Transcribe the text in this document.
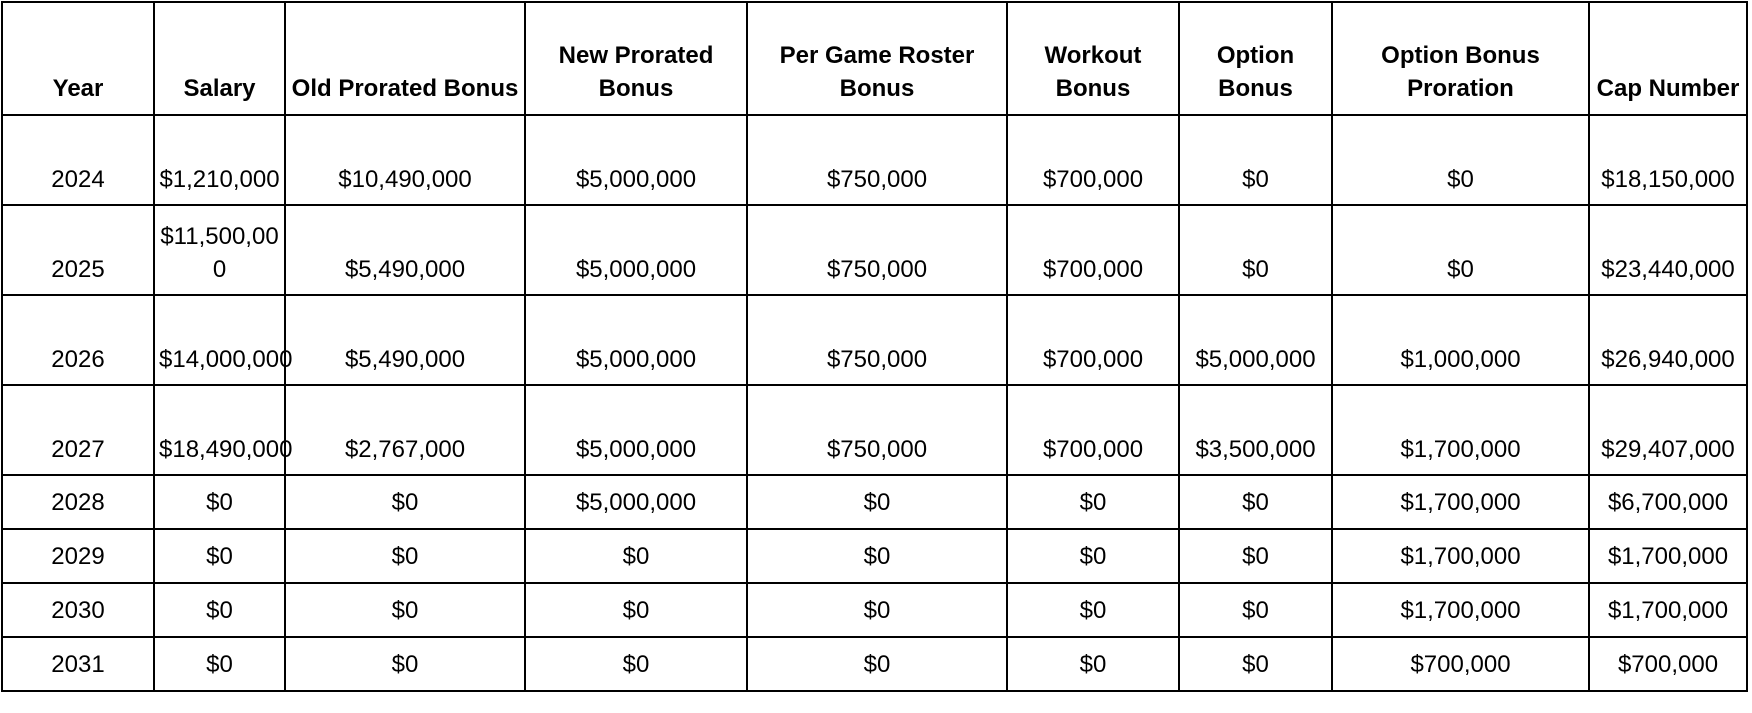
Year	Salary	Old Prorated Bonus	New Prorated Bonus	Per Game Roster Bonus	Workout Bonus	Option Bonus	Option Bonus Proration	Cap Number
2024	$1,210,000	$10,490,000	$5,000,000	$750,000	$700,000	$0	$0	$18,150,000
2025	$11,500,000	$5,490,000	$5,000,000	$750,000	$700,000	$0	$0	$23,440,000
2026	$14,000,000	$5,490,000	$5,000,000	$750,000	$700,000	$5,000,000	$1,000,000	$26,940,000
2027	$18,490,000	$2,767,000	$5,000,000	$750,000	$700,000	$3,500,000	$1,700,000	$29,407,000
2028	$0	$0	$5,000,000	$0	$0	$0	$1,700,000	$6,700,000
2029	$0	$0	$0	$0	$0	$0	$1,700,000	$1,700,000
2030	$0	$0	$0	$0	$0	$0	$1,700,000	$1,700,000
2031	$0	$0	$0	$0	$0	$0	$700,000	$700,000
